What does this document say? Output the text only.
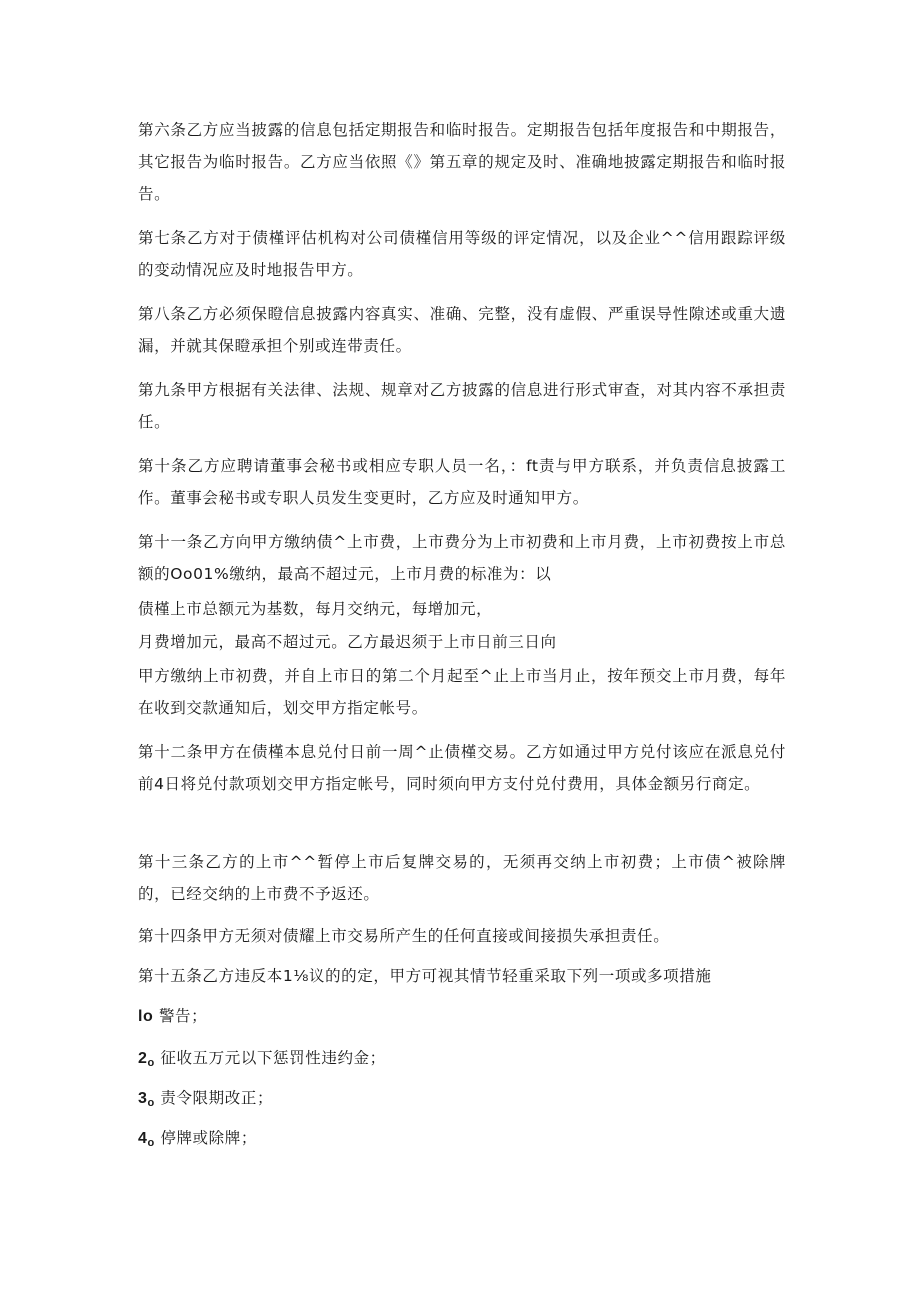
第六条乙方应当披露的信息包括定期报告和临时报告。定期报告包括年度报告和中期报告，其它报告为临时报告。乙方应当依照《》第五章的规定及时、准确地披露定期报告和临时报告。

第七条乙方对于债槿评估机构对公司债槿信用等级的评定情况，以及企业^^信用跟踪评级的变动情况应及时地报告甲方。

第八条乙方必须保瞪信息披露内容真实、准确、完整，没有虚假、严重误导性隙述或重大遗漏，并就其保瞪承担个别或连带责任。

第九条甲方根据有关法律、法规、规章对乙方披露的信息进行形式审查，对其内容不承担责任。

第十条乙方应聘请董事会秘书或相应专职人员一名，：ft责与甲方联系，并负责信息披露工作。董事会秘书或专职人员发生变更时，乙方应及时通知甲方。

第十一条乙方向甲方缴纳债^上市费，上市费分为上市初费和上市月费，上市初费按上市总额的Oo01%缴纳，最高不超过元，上市月费的标准为：以

债槿上市总额元为基数，每月交纳元，每增加元，

月费增加元，最高不超过元。乙方最迟须于上市日前三日向

甲方缴纳上市初费，并自上市日的第二个月起至^止上市当月止，按年预交上市月费，每年在收到交款通知后，划交甲方指定帐号。

第十二条甲方在债槿本息兑付日前一周^止债槿交易。乙方如通过甲方兑付该应在派息兑付前4日将兑付款项划交甲方指定帐号，同时须向甲方支付兑付费用，具体金额另行商定。

第十三条乙方的上市^^暂停上市后复牌交易的，无须再交纳上市初费；上市债^被除牌的，已经交纳的上市费不予返还。

第十四条甲方无须对债耀上市交易所产生的任何直接或间接损失承担责任。

第十五条乙方违反本1⅛议的的定，甲方可视其情节轻重采取下列一项或多项措施

lo 警告；

$2_o$ 征收五万元以下惩罚性违约金；

$3_o$ 责令限期改正；

$4_o$ 停牌或除牌；
